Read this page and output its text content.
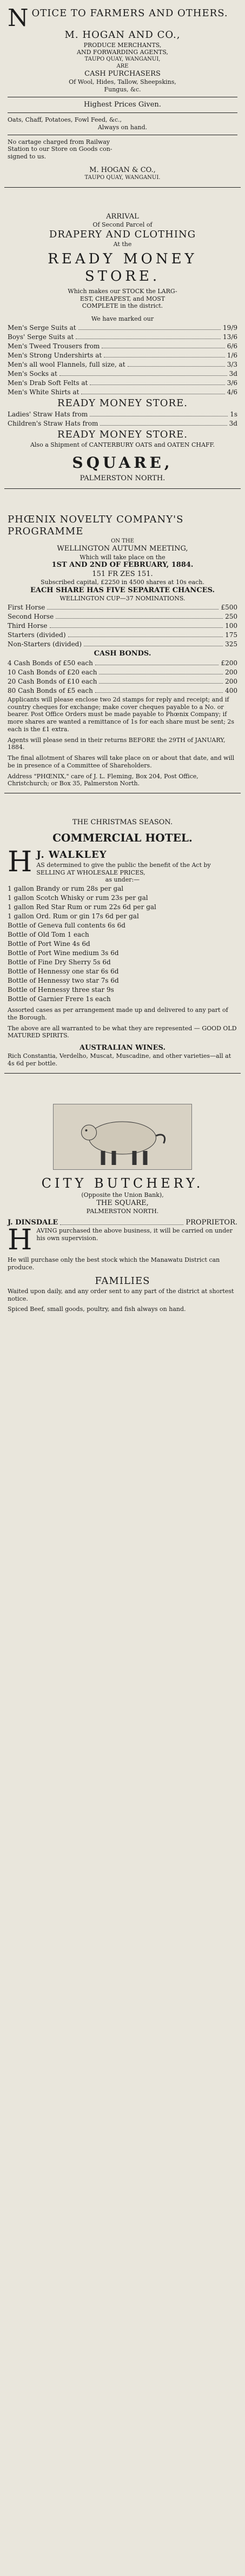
N OTICE TO FARMERS AND OTHERS.
M. HOGAN AND CO.,
PRODUCE MERCHANTS,
AND FORWARDING AGENTS,
TAUPO QUAY, WANGANUI,
ARE
CASH PURCHASERS
Of Wool, Hides, Tallow, Sheepskins,
Fungus, &c.
Highest Prices Given.
Oats, Chaff, Potatoes, Fowl Feed, &c.,
Always on hand.
No cartage charged from Railway
Station to our Store on Goods con-
signed to us.
M. HOGAN & CO.,
TAUPO QUAY, WANGANUI.
ARRIVAL
Of Second Parcel of
DRAPERY AND CLOTHING
At the
READY MONEY STORE.
Which makes our STOCK the LARG-
EST, CHEAPEST, and MOST
COMPLETE in the district.
We have marked our
Men's Serge Suits at	19/9
Boys' Serge Suits at	13/6
Men's Tweed Trousers from	6/6
Men's Strong Undershirts at	1/6
Men's all wool Flannels, full size, at	3/3
Men's Socks at	3d
Men's Drab Soft Felts at	3/6
Men's White Shirts at	4/6
READY MONEY STORE.
Ladies' Straw Hats from	1s
Children's Straw Hats from	3d
READY MONEY STORE.
Also a Shipment of CANTERBURY OATS and OATEN CHAFF.
SQUARE,
PALMERSTON NORTH.
PHŒNIX NOVELTY COMPANY'S PROGRAMME
ON THE
WELLINGTON AUTUMN MEETING,
Which will take place on the
1ST AND 2ND OF FEBRUARY, 1884.
151 FR ZES 151.
Subscribed capital, £2250 in 4500 shares at 10s each.
EACH SHARE HAS FIVE SEPARATE CHANCES.
WELLINGTON CUP—37 NOMINATIONS.
First Horse	£500
Second Horse	250
Third Horse	100
Starters (divided)	175
Non-Starters (divided)	325
CASH BONDS.
4 Cash Bonds of £50 each	£200
10 Cash Bonds of £20 each	200
20 Cash Bonds of £10 each	200
80 Cash Bonds of £5 each	400
Applicants will please enclose two 2d stamps for reply and receipt; and if country cheques for exchange; make cover cheques payable to a No. or bearer. Post Office Orders must be made payable to Phœnix Company; if more shares are wanted a remittance of 1s for each share must be sent; 2s each is the £1 extra.
Agents will please send in their returns BEFORE the 29TH of JANUARY, 1884.
The final allotment of Shares will take place on or about that date, and will be in presence of a Committee of Shareholders.
Address "PHŒNIX," care of J. L. Fleming, Box 204, Post Office, Christchurch; or Box 35, Palmerston North.
THE CHRISTMAS SEASON.
COMMERCIAL HOTEL.
H J. WALKLEY
AS determined to give the public the benefit of the Act by SELLING AT WHOLESALE PRICES,
as under:—
1 gallon Brandy or rum 28s per gal
1 gallon Scotch Whisky or rum 23s per gal
1 gallon Red Star Rum or rum 22s 6d per gal
1 gallon Ord. Rum or gin 17s 6d per gal
Bottle of Geneva full contents 6s 6d
Bottle of Old Tom 1 each
Bottle of Port Wine 4s 6d
Bottle of Port Wine medium 3s 6d
Bottle of Fine Dry Sherry 5s 6d
Bottle of Hennessy one star 6s 6d
Bottle of Hennessy two star 7s 6d
Bottle of Hennessy three star 9s
Bottle of Garnier Frere 1s each
Assorted cases as per arrangement made up and delivered to any part of the Borough.
The above are all warranted to be what they are represented — GOOD OLD MATURED SPIRITS.
AUSTRALIAN WINES.
Rich Constantia, Verdelho, Muscat, Muscadine, and other varieties—all at 4s 6d per bottle.
CITY BUTCHERY.
(Opposite the Union Bank),
THE SQUARE,
PALMERSTON NORTH.
J. DINSDALE	PROPRIETOR.
H AVING purchased the above business, it will be carried on under his own supervision.
He will purchase only the best stock which the Manawatu District can produce.
FAMILIES
Waited upon daily, and any order sent to any part of the district at shortest notice.
Spiced Beef, small goods, poultry, and fish always on hand.
